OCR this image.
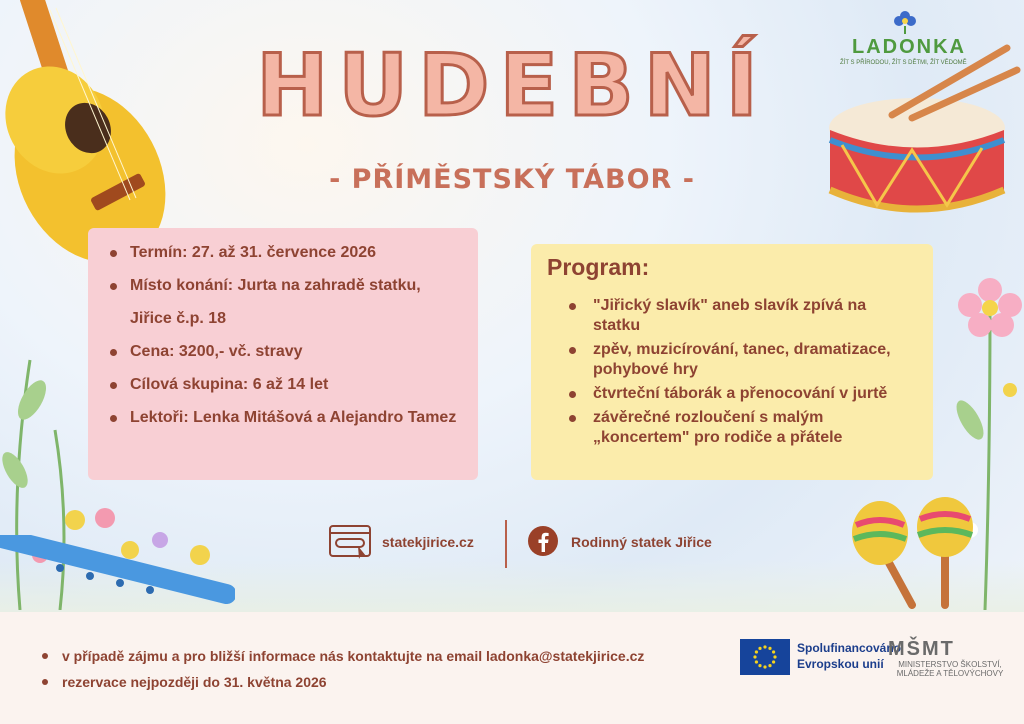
LADONKA
ŽÍT S PŘÍRODOU, ŽÍT S DĚTMI, ŽÍT VĚDOMĚ
HUDEBNÍ
- PŘÍMĚSTSKÝ TÁBOR -
Termín: 27. až 31. července 2026
Místo konání: Jurta na zahradě statku, Jiřice č.p. 18
Cena: 3200,- vč. stravy
Cílová skupina: 6 až 14 let
Lektoři: Lenka Mitášová a Alejandro Tamez
Program:
"Jiřický slavík" aneb slavík zpívá na statku
zpěv, muzicírování, tanec, dramatizace, pohybové hry
čtvrteční táborák a přenocování v jurtě
závěrečné rozloučení s malým „koncertem" pro rodiče a přátele
statekjirice.cz	Rodinný statek Jiřice
v případě zájmu a pro bližší informace nás kontaktujte na email ladonka@statekjirice.cz
rezervace nejpozději do 31. května 2026
Spolufinancováno
Evropskou unií
MŠMT
MINISTERSTVO ŠKOLSTVÍ,
MLÁDEŽE A TĚLOVÝCHOVY
